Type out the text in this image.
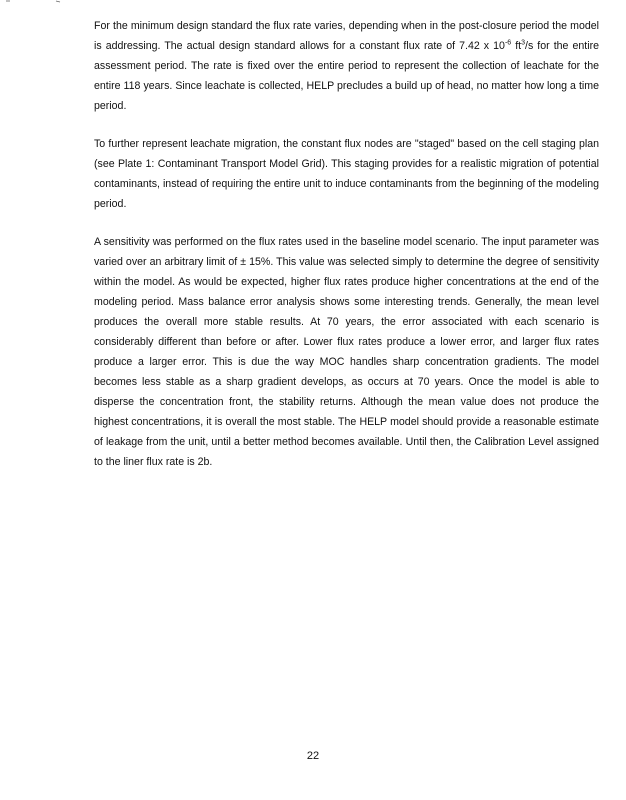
For the minimum design standard the flux rate varies, depending when in the post-closure period the model is addressing. The actual design standard allows for a constant flux rate of 7.42 x $10^{-6}$ $ft^3/s$ for the entire assessment period. The rate is fixed over the entire period to represent the collection of leachate for the entire 118 years. Since leachate is collected, HELP precludes a build up of head, no matter how long a time period.

To further represent leachate migration, the constant flux nodes are "staged" based on the cell staging plan (see Plate 1: Contaminant Transport Model Grid). This staging provides for a realistic migration of potential contaminants, instead of requiring the entire unit to induce contaminants from the beginning of the modeling period.

A sensitivity was performed on the flux rates used in the baseline model scenario. The input parameter was varied over an arbitrary limit of ± 15%. This value was selected simply to determine the degree of sensitivity within the model. As would be expected, higher flux rates produce higher concentrations at the end of the modeling period. Mass balance error analysis shows some interesting trends. Generally, the mean level produces the overall more stable results. At 70 years, the error associated with each scenario is considerably different than before or after. Lower flux rates produce a lower error, and larger flux rates produce a larger error. This is due the way MOC handles sharp concentration gradients. The model becomes less stable as a sharp gradient develops, as occurs at 70 years. Once the model is able to disperse the concentration front, the stability returns. Although the mean value does not produce the highest concentrations, it is overall the most stable. The HELP model should provide a reasonable estimate of leakage from the unit, until a better method becomes available. Until then, the Calibration Level assigned to the liner flux rate is 2b.

22
